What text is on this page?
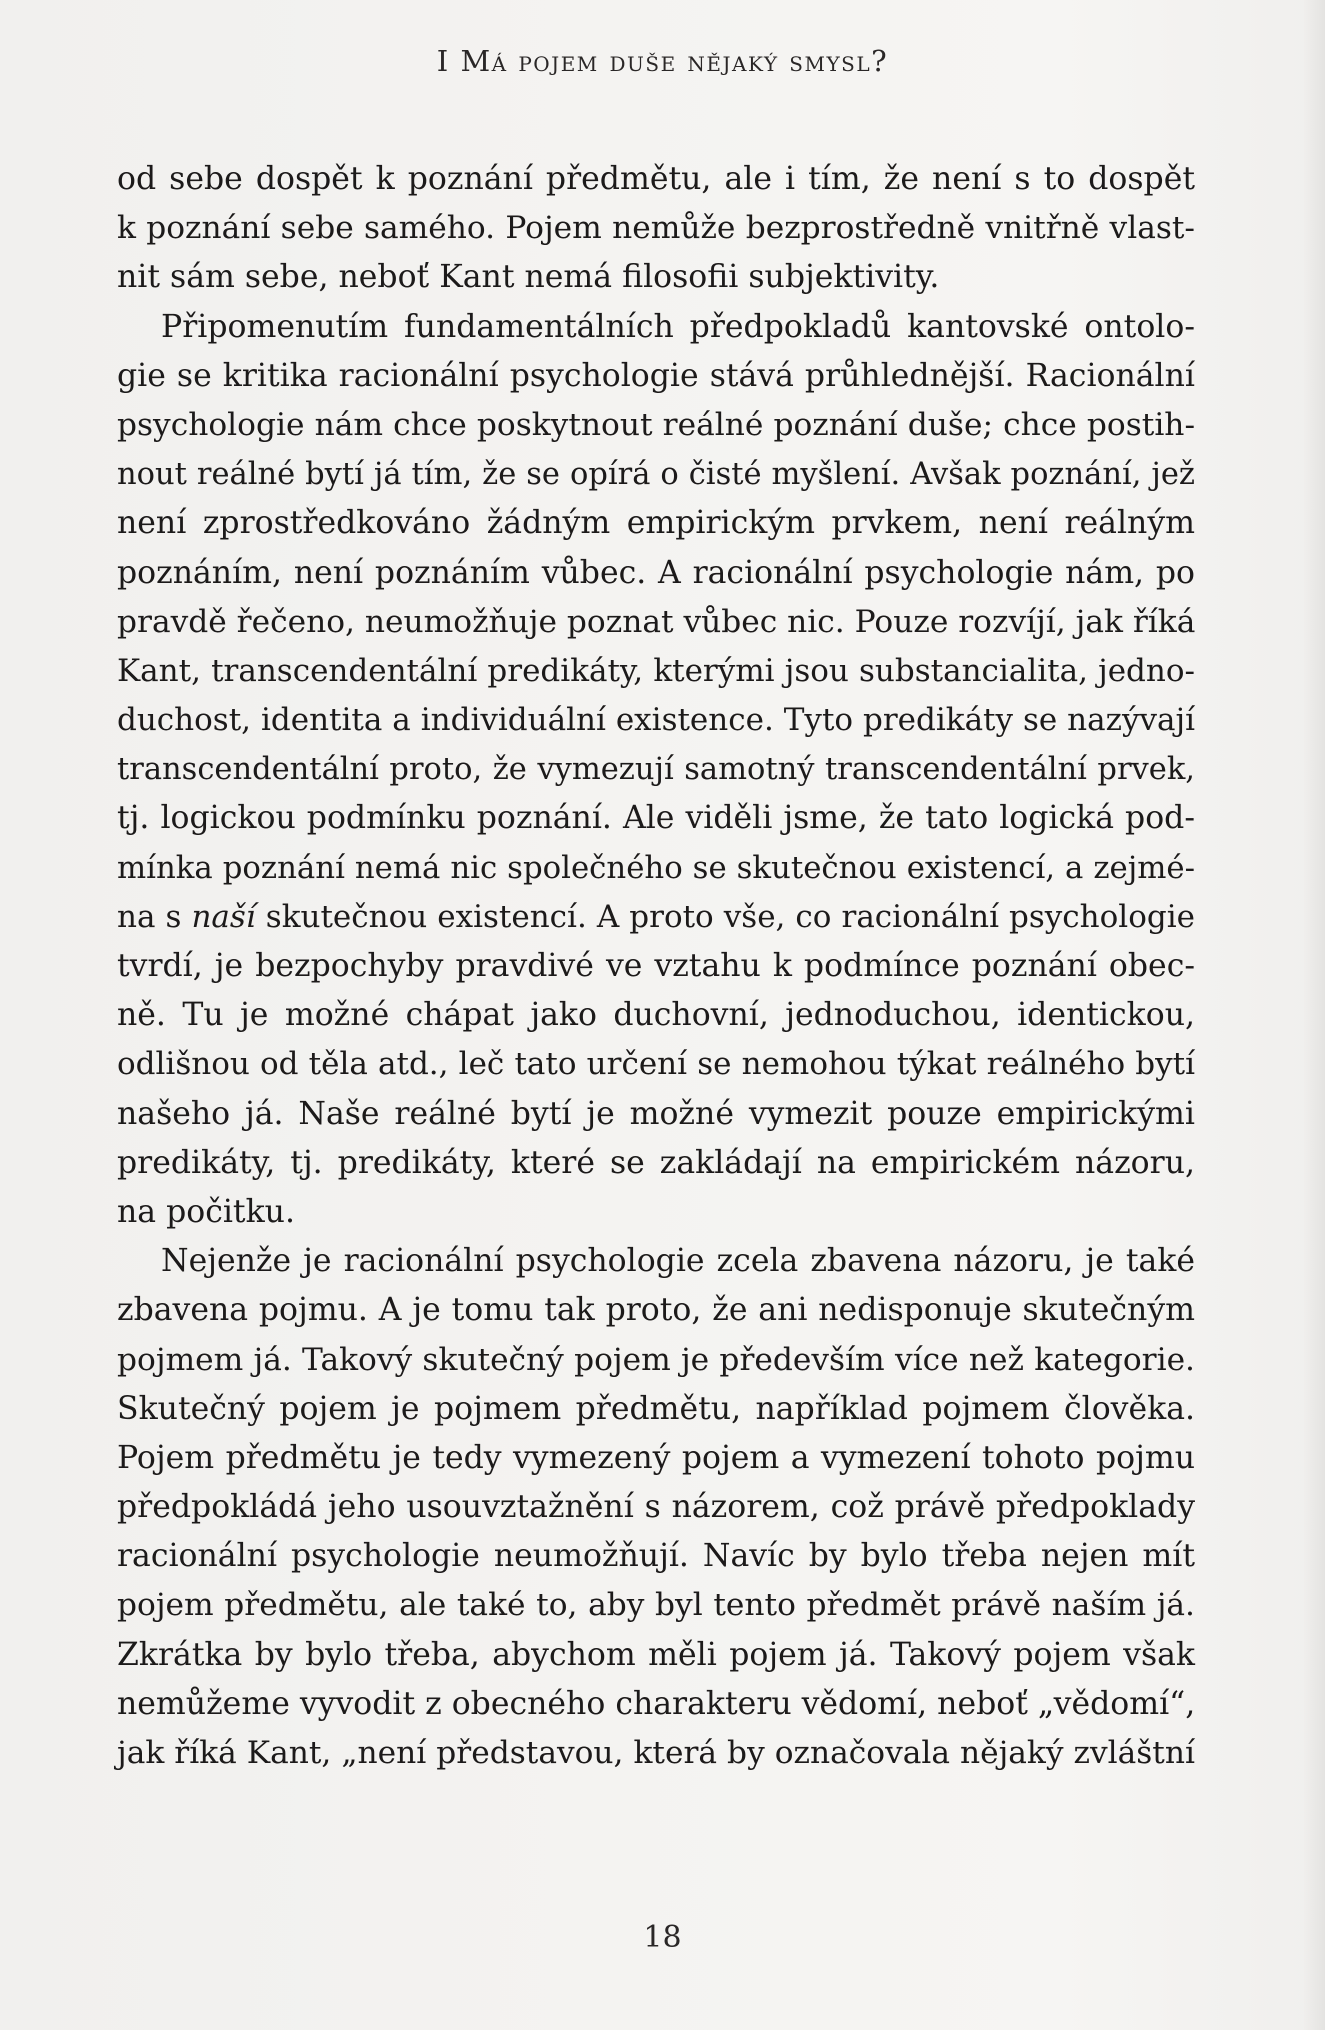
I Má pojem duše nějaký smysl?
od sebe dospět k poznání předmětu, ale i tím, že není s to dospět
k poznání sebe samého. Pojem nemůže bezprostředně vnitřně vlast-
nit sám sebe, neboť Kant nemá filosofii subjektivity.
Připomenutím fundamentálních předpokladů kantovské ontolo-
gie se kritika racionální psychologie stává průhlednější. Racionální
psychologie nám chce poskytnout reálné poznání duše; chce postih-
nout reálné bytí já tím, že se opírá o čisté myšlení. Avšak poznání, jež
není zprostředkováno žádným empirickým prvkem, není reálným
poznáním, není poznáním vůbec. A racionální psychologie nám, po
pravdě řečeno, neumožňuje poznat vůbec nic. Pouze rozvíjí, jak říká
Kant, transcendentální predikáty, kterými jsou substancialita, jedno-
duchost, identita a individuální existence. Tyto predikáty se nazývají
transcendentální proto, že vymezují samotný transcendentální prvek,
tj. logickou podmínku poznání. Ale viděli jsme, že tato logická pod-
mínka poznání nemá nic společného se skutečnou existencí, a zejmé-
na s naší skutečnou existencí. A proto vše, co racionální psychologie
tvrdí, je bezpochyby pravdivé ve vztahu k podmínce poznání obec-
ně. Tu je možné chápat jako duchovní, jednoduchou, identickou,
odlišnou od těla atd., leč tato určení se nemohou týkat reálného bytí
našeho já. Naše reálné bytí je možné vymezit pouze empirickými
predikáty, tj. predikáty, které se zakládají na empirickém názoru,
na počitku.
Nejenže je racionální psychologie zcela zbavena názoru, je také
zbavena pojmu. A je tomu tak proto, že ani nedisponuje skutečným
pojmem já. Takový skutečný pojem je především více než kategorie.
Skutečný pojem je pojmem předmětu, například pojmem člověka.
Pojem předmětu je tedy vymezený pojem a vymezení tohoto pojmu
předpokládá jeho usouvztažnění s názorem, což právě předpoklady
racionální psychologie neumožňují. Navíc by bylo třeba nejen mít
pojem předmětu, ale také to, aby byl tento předmět právě naším já.
Zkrátka by bylo třeba, abychom měli pojem já. Takový pojem však
nemůžeme vyvodit z obecného charakteru vědomí, neboť „vědomí“,
jak říká Kant, „není představou, která by označovala nějaký zvláštní
18
